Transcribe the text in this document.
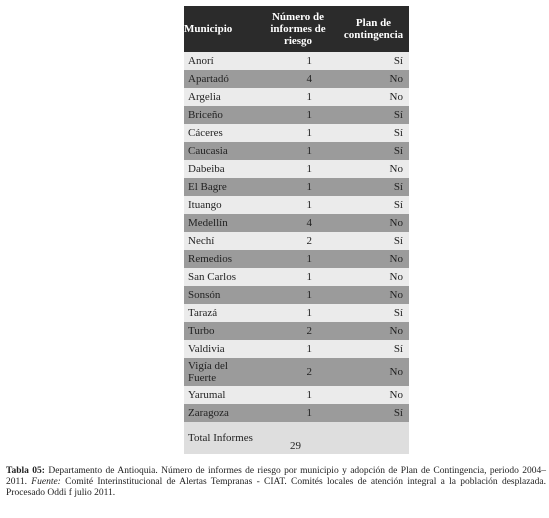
Municipio	Número de informes de riesgo	Plan de contingencia
Anorí	1	Sí
Apartadó	4	No
Argelia	1	No
Briceño	1	Sí
Cáceres	1	Sí
Caucasia	1	Sí
Dabeiba	1	No
El Bagre	1	Sí
Ituango	1	Sí
Medellín	4	No
Nechí	2	Sí
Remedios	1	No
San Carlos	1	No
Sonsón	1	No
Tarazá	1	Sí
Turbo	2	No
Valdivia	1	Sí
Vigía del Fuerte	2	No
Yarumal	1	No
Zaragoza	1	Sí
Total Informes	29	
Tabla 05: Departamento de Antioquia. Número de informes de riesgo por municipio y adopción de Plan de Contingencia, periodo 2004–2011. Fuente: Comité Interinstitucional de Alertas Tempranas - CIAT. Comités locales de atención integral a la población desplazada. Procesado Oddi f julio 2011.
